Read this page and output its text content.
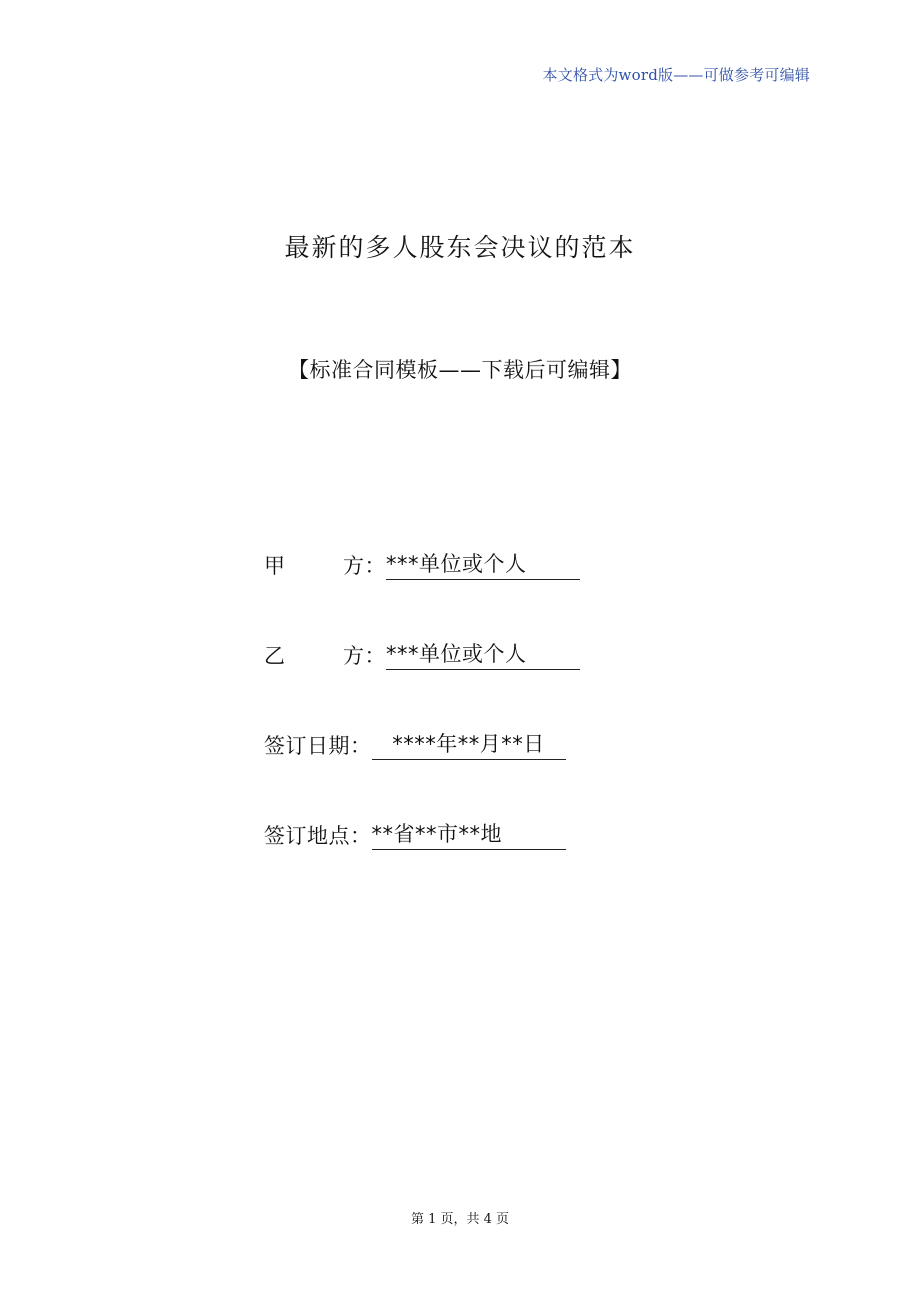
本文格式为word版——可做参考可编辑
最新的多人股东会决议的范本
【标准合同模板——下载后可编辑】
甲	方： ***单位或个人
乙	方： ***单位或个人
签订日期： ****年**月**日
签订地点： **省**市**地
第 1 页，共 4 页
